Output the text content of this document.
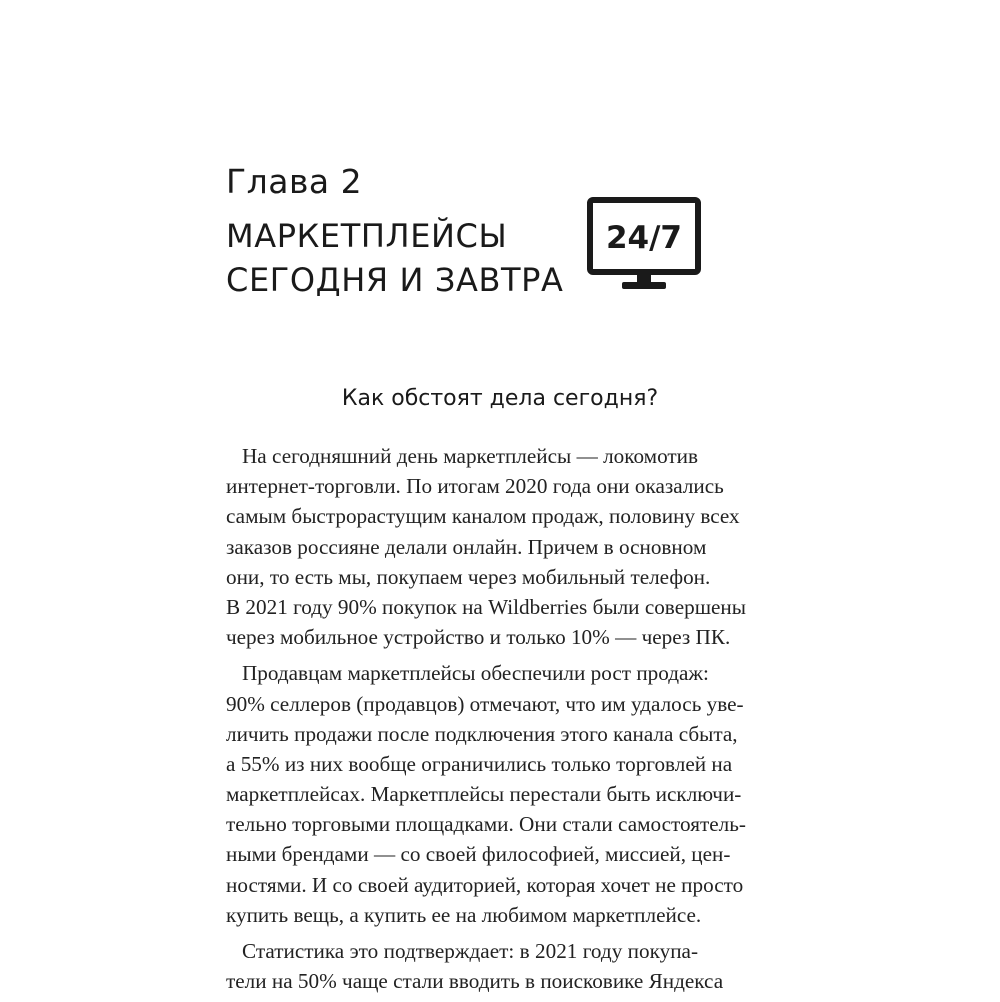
Глава 2
МАРКЕТПЛЕЙСЫ
СЕГОДНЯ И ЗАВТРА
24/7
Как обстоят дела сегодня?
На сегодняшний день маркетплейсы — локомотив
интернет-торговли. По итогам 2020 года они оказались
самым быстрорастущим каналом продаж, половину всех
заказов россияне делали онлайн. Причем в основном
они, то есть мы, покупаем через мобильный телефон.
В 2021 году 90% покупок на Wildberries были совершены
через мобильное устройство и только 10% — через ПК.
Продавцам маркетплейсы обеспечили рост продаж:
90% селлеров (продавцов) отмечают, что им удалось уве-
личить продажи после подключения этого канала сбыта,
а 55% из них вообще ограничились только торговлей на
маркетплейсах. Маркетплейсы перестали быть исключи-
тельно торговыми площадками. Они стали самостоятель-
ными брендами — со своей философией, миссией, цен-
ностями. И со своей аудиторией, которая хочет не просто
купить вещь, а купить ее на любимом маркетплейсе.
Статистика это подтверждает: в 2021 году покупа-
тели на 50% чаще стали вводить в поисковике Яндекса
